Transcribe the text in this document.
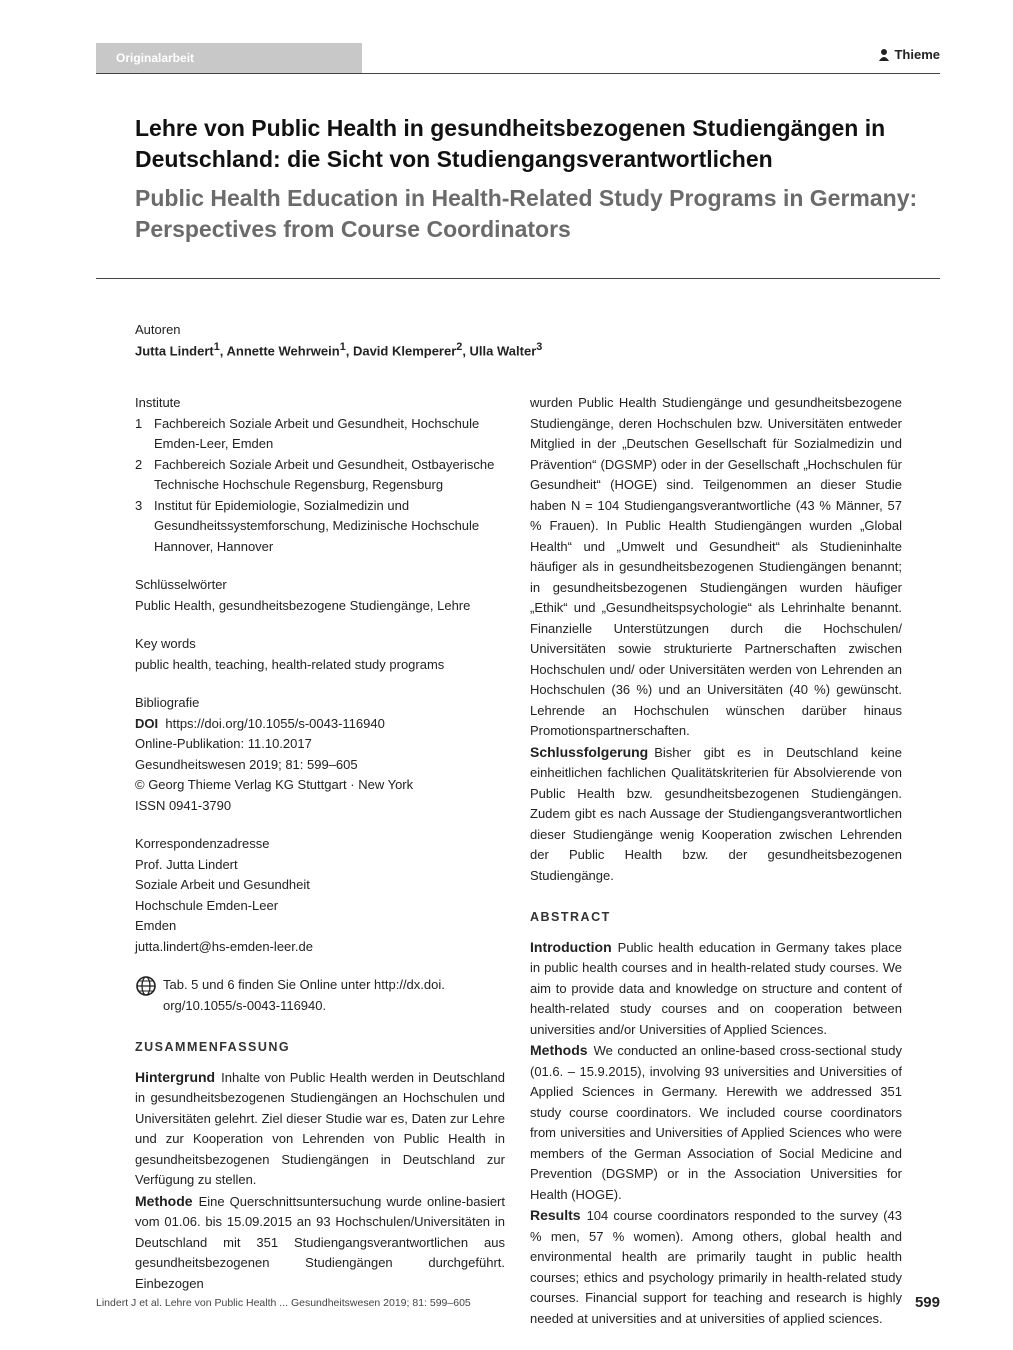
Originalarbeit	Thieme
Lehre von Public Health in gesundheitsbezogenen Studiengängen in Deutschland: die Sicht von Studiengangsverantwortlichen
Public Health Education in Health-Related Study Programs in Germany: Perspectives from Course Coordinators
Autoren
Jutta Lindert$^1$, Annette Wehrwein$^1$, David Klemperer$^2$, Ulla Walter$^3$
Institute
1 Fachbereich Soziale Arbeit und Gesundheit, Hochschule Emden-Leer, Emden
2 Fachbereich Soziale Arbeit und Gesundheit, Ostbayerische Technische Hochschule Regensburg, Regensburg
3 Institut für Epidemiologie, Sozialmedizin und Gesundheitssystemforschung, Medizinische Hochschule Hannover, Hannover
Schlüsselwörter
Public Health, gesundheitsbezogene Studiengänge, Lehre
Key words
public health, teaching, health-related study programs
Bibliografie
DOI https://doi.org/10.1055/s-0043-116940
Online-Publikation: 11.10.2017
Gesundheitswesen 2019; 81: 599–605
© Georg Thieme Verlag KG Stuttgart · New York
ISSN 0941-3790
Korrespondenzadresse
Prof. Jutta Lindert
Soziale Arbeit und Gesundheit
Hochschule Emden-Leer
Emden
jutta.lindert@hs-emden-leer.de
Tab. 5 und 6 finden Sie Online unter http://dx.doi.
org/10.1055/s-0043-116940.
ZUSAMMENFASSUNG
Hintergrund Inhalte von Public Health werden in Deutschland in gesundheitsbezogenen Studiengängen an Hochschulen und Universitäten gelehrt. Ziel dieser Studie war es, Daten zur Lehre und zur Kooperation von Lehrenden von Public Health in gesundheitsbezogenen Studiengängen in Deutschland zur Verfügung zu stellen.
Methode Eine Querschnittsuntersuchung wurde online-basiert vom 01.06. bis 15.09.2015 an 93 Hochschulen/Universitäten in Deutschland mit 351 Studiengangsverantwortlichen aus gesundheitsbezogenen Studiengängen durchgeführt. Einbezogen
wurden Public Health Studiengänge und gesundheitsbezogene Studiengänge, deren Hochschulen bzw. Universitäten entweder Mitglied in der „Deutschen Gesellschaft für Sozialmedizin und Prävention“ (DGSMP) oder in der Gesellschaft „Hochschulen für Gesundheit“ (HOGE) sind. Teilgenommen an dieser Studie haben N = 104 Studiengangsverantwortliche (43 % Männer, 57 % Frauen). In Public Health Studiengängen wurden „Global Health“ und „Umwelt und Gesundheit“ als Studieninhalte häufiger als in gesundheitsbezogenen Studiengängen benannt; in gesundheitsbezogenen Studiengängen wurden häufiger „Ethik“ und „Gesundheitspsychologie“ als Lehrinhalte benannt. Finanzielle Unterstützungen durch die Hochschulen/ Universitäten sowie strukturierte Partnerschaften zwischen Hochschulen und/ oder Universitäten werden von Lehrenden an Hochschulen (36 %) und an Universitäten (40 %) gewünscht. Lehrende an Hochschulen wünschen darüber hinaus Promotionspartnerschaften.
Schlussfolgerung Bisher gibt es in Deutschland keine einheitlichen fachlichen Qualitätskriterien für Absolvierende von Public Health bzw. gesundheitsbezogenen Studiengängen. Zudem gibt es nach Aussage der Studiengangsverantwortlichen dieser Studiengänge wenig Kooperation zwischen Lehrenden der Public Health bzw. der gesundheitsbezogenen Studiengänge.
ABSTRACT
Introduction Public health education in Germany takes place in public health courses and in health-related study courses. We aim to provide data and knowledge on structure and content of health-related study courses and on cooperation between universities and/or Universities of Applied Sciences.
Methods We conducted an online-based cross-sectional study (01.6. – 15.9.2015), involving 93 universities and Universities of Applied Sciences in Germany. Herewith we addressed 351 study course coordinators. We included course coordinators from universities and Universities of Applied Sciences who were members of the German Association of Social Medicine and Prevention (DGSMP) or in the Association Universities for Health (HOGE).
Results 104 course coordinators responded to the survey (43 % men, 57 % women). Among others, global health and environmental health are primarily taught in public health courses; ethics and psychology primarily in health-related study courses. Financial support for teaching and research is highly needed at universities and at universities of applied sciences.
Lindert J et al. Lehre von Public Health ... Gesundheitswesen 2019; 81: 599–605	599
